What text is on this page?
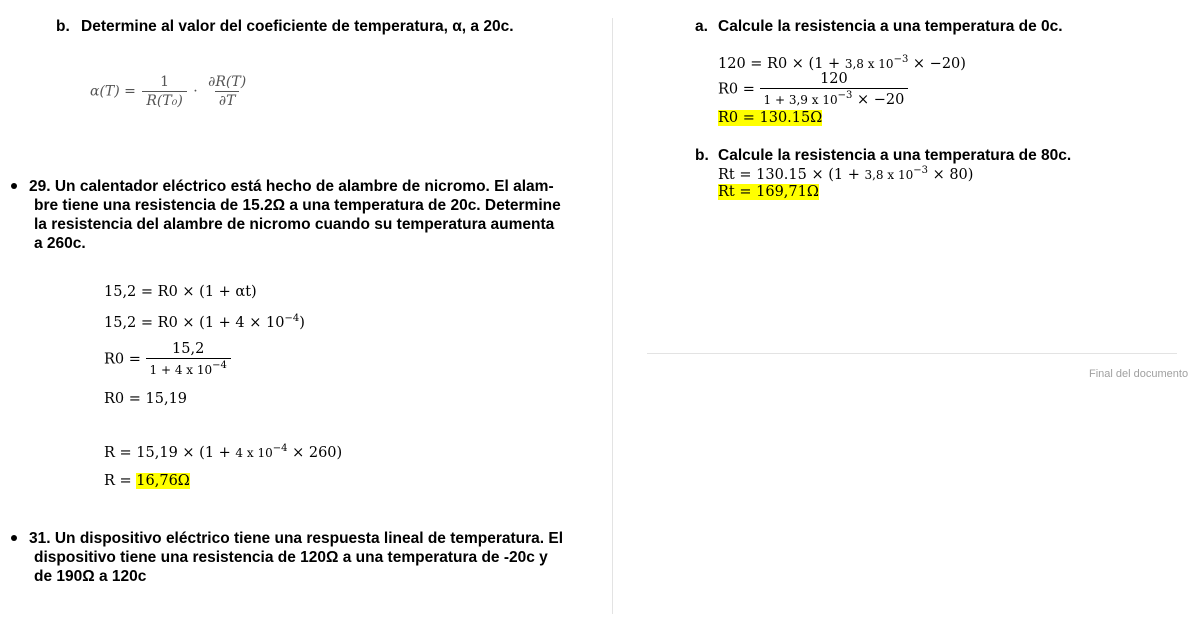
b. Determine al valor del coeficiente de temperatura, α, a 20c.
$\alpha(T) = \frac{1}{\text{R(T₀)}} \cdot \frac{\partial R(T)}{\partial T}$
29. Un calentador eléctrico está hecho de alambre de nicromo. El alam-
bre tiene una resistencia de 15.2Ω a una temperatura de 20c. Determine
la resistencia del alambre de nicromo cuando su temperatura aumenta
a 260c.
15,2 = R0 × (1 + αt)
$15,2 = R0 \times (1 + 4 \times 10^{-4})$
$R0 = \frac{15,2}{1 + 4 x 10^{-4}}$
R0 = 15,19
R = 15,19 × (1 + 4 x $10^{-4} \times 260$)
R = 16,76Ω
31. Un dispositivo eléctrico tiene una respuesta lineal de temperatura. El
dispositivo tiene una resistencia de 120Ω a una temperatura de -20c y
de 190Ω a 120c
a. Calcule la resistencia a una temperatura de 0c.
120 = R0 × (1 + 3,8 x $10^{-3} \times -20$)
$R0 = \frac{120}{1 + 3,9 x 10^{-3} \times -20}$
R0 = 130.15Ω
b. Calcule la resistencia a una temperatura de 80c.
Rt = 130.15 × (1 + 3,8 x $10^{-3} \times 80$)
Rt = 169,71Ω
Final del documento
